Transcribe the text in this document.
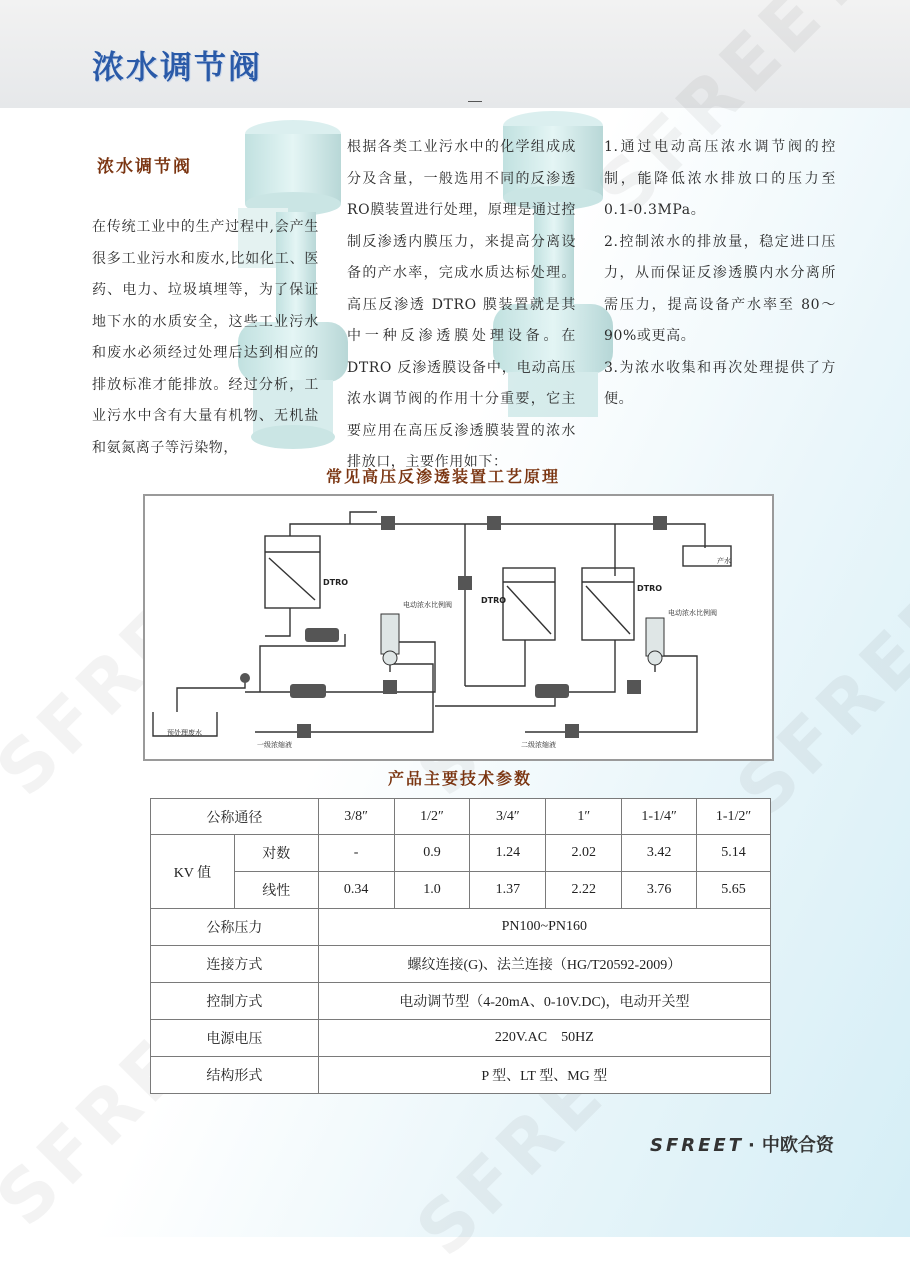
浓水调节阀
浓水调节阀
在传统工业中的生产过程中,会产生很多工业污水和废水,比如化工、医药、电力、垃圾填埋等，为了保证地下水的水质安全，这些工业污水和废水必须经过处理后达到相应的排放标准才能排放。经过分析，工业污水中含有大量有机物、无机盐和氨氮离子等污染物，
根据各类工业污水中的化学组成成分及含量，一般选用不同的反渗透 RO膜装置进行处理，原理是通过控制反渗透内膜压力，来提高分离设备的产水率，完成水质达标处理。高压反渗透 DTRO 膜装置就是其中一种反渗透膜处理设备。在 DTRO 反渗透膜设备中，电动高压浓水调节阀的作用十分重要，它主要应用在高压反渗透膜装置的浓水排放口，主要作用如下：
1.通过电动高压浓水调节阀的控制，能降低浓水排放口的压力至0.1-0.3MPa。
2.控制浓水的排放量，稳定进口压力，从而保证反渗透膜内水分离所需压力，提高设备产水率至 80～90%或更高。
3.为浓水收集和再次处理提供了方便。
常见高压反渗透装置工艺原理
DTRO
DTRO
DTRO
电动浓水比例阀
电动浓水比例阀
产水
预处理废水
一级浓缩液	二级浓缩液
产品主要技术参数
公称通径		3/8″	1/2″	3/4″	1″	1-1/4″	1-1/2″
KV 值	对数	-	0.9	1.24	2.02	3.42	5.14
	线性	0.34	1.0	1.37	2.22	3.76	5.65
公称压力		PN100~PN160					
连接方式		螺纹连接(G)、法兰连接（HG/T20592-2009）					
控制方式		电动调节型（4-20mA、0-10V.DC)，电动开关型					
电源电压		220V.AC    50HZ					
结构形式		P 型、LT 型、MG 型					
SFREET · 中欧合资
